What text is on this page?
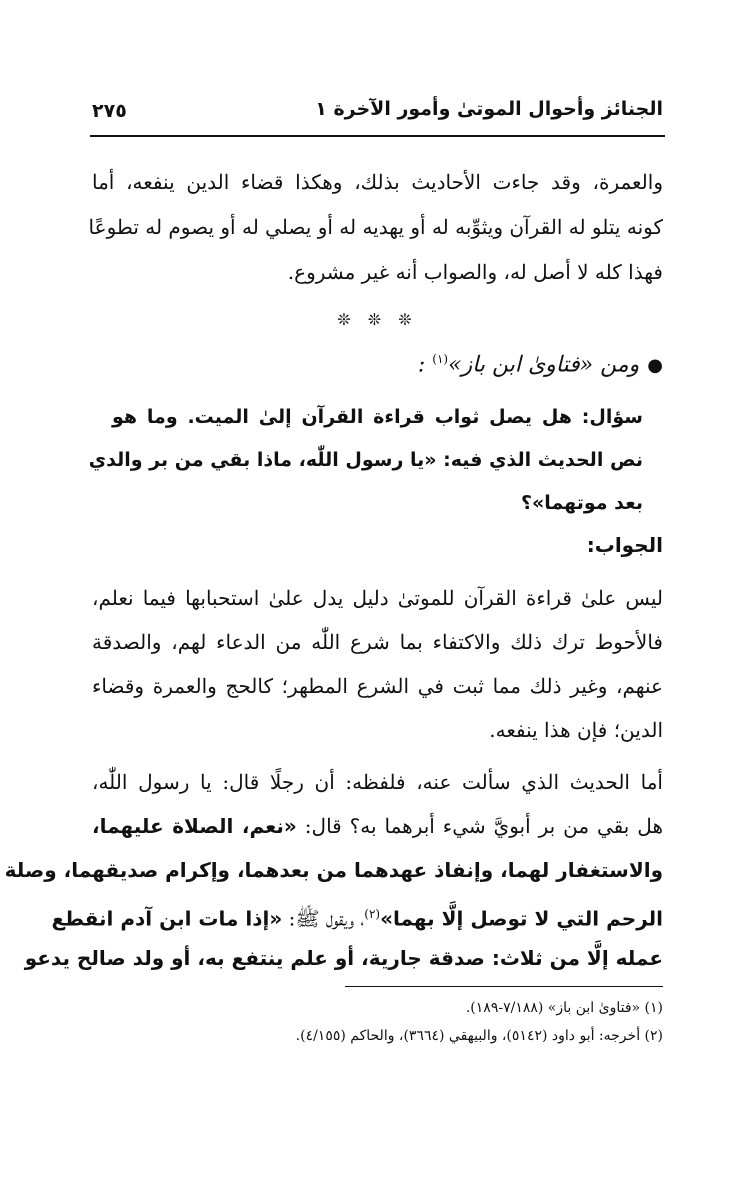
الجنائز وأحوال الموتىٰ وأمور الآخرة ١
٢٧٥
والعمرة، وقد جاءت الأحاديث بذلك، وهكذا قضاء الدين ينفعه، أما
كونه يتلو له القرآن ويثوِّبه له أو يهديه له أو يصلي له أو يصوم له تطوعًا
فهذا كله لا أصل له، والصواب أنه غير مشروع.
❊ ❊ ❊
●ومن «فتاوىٰ ابن باز»$^{(١)}$ :
سؤال: هل يصل ثواب قراءة القرآن إلىٰ الميت. وما هو
نص الحديث الذي فيه: «يا رسول اللّٰه، ماذا بقي من بر والدي
بعد موتهما»؟
الجواب:
ليس علىٰ قراءة القرآن للموتىٰ دليل يدل علىٰ استحبابها فيما نعلم،
فالأحوط ترك ذلك والاكتفاء بما شرع اللّٰه من الدعاء لهم، والصدقة
عنهم، وغير ذلك مما ثبت في الشرع المطهر؛ كالحج والعمرة وقضاء
الدين؛ فإن هذا ينفعه.
أما الحديث الذي سألت عنه، فلفظه: أن رجلًا قال: يا رسول اللّٰه،
هل بقي من بر أبويَّ شيء أبرهما به؟ قال: «نعم، الصلاة عليهما،
والاستغفار لهما، وإنفاذ عهدهما من بعدهما، وإكرام صديقهما، وصلة
الرحم التي لا توصل إلَّا بهما»$^{(٢)}$، ويقول ﷺ: «إذا مات ابن آدم انقطع
عمله إلَّا من ثلاث: صدقة جارية، أو علم ينتفع به، أو ولد صالح يدعو
(١) «فتاوىٰ ابن باز» (٧/١٨٨-١٨٩).
(٢) أخرجه: أبو داود (٥١٤٢)، والبيهقي (٣٦٦٤)، والحاكم (٤/١٥٥).
